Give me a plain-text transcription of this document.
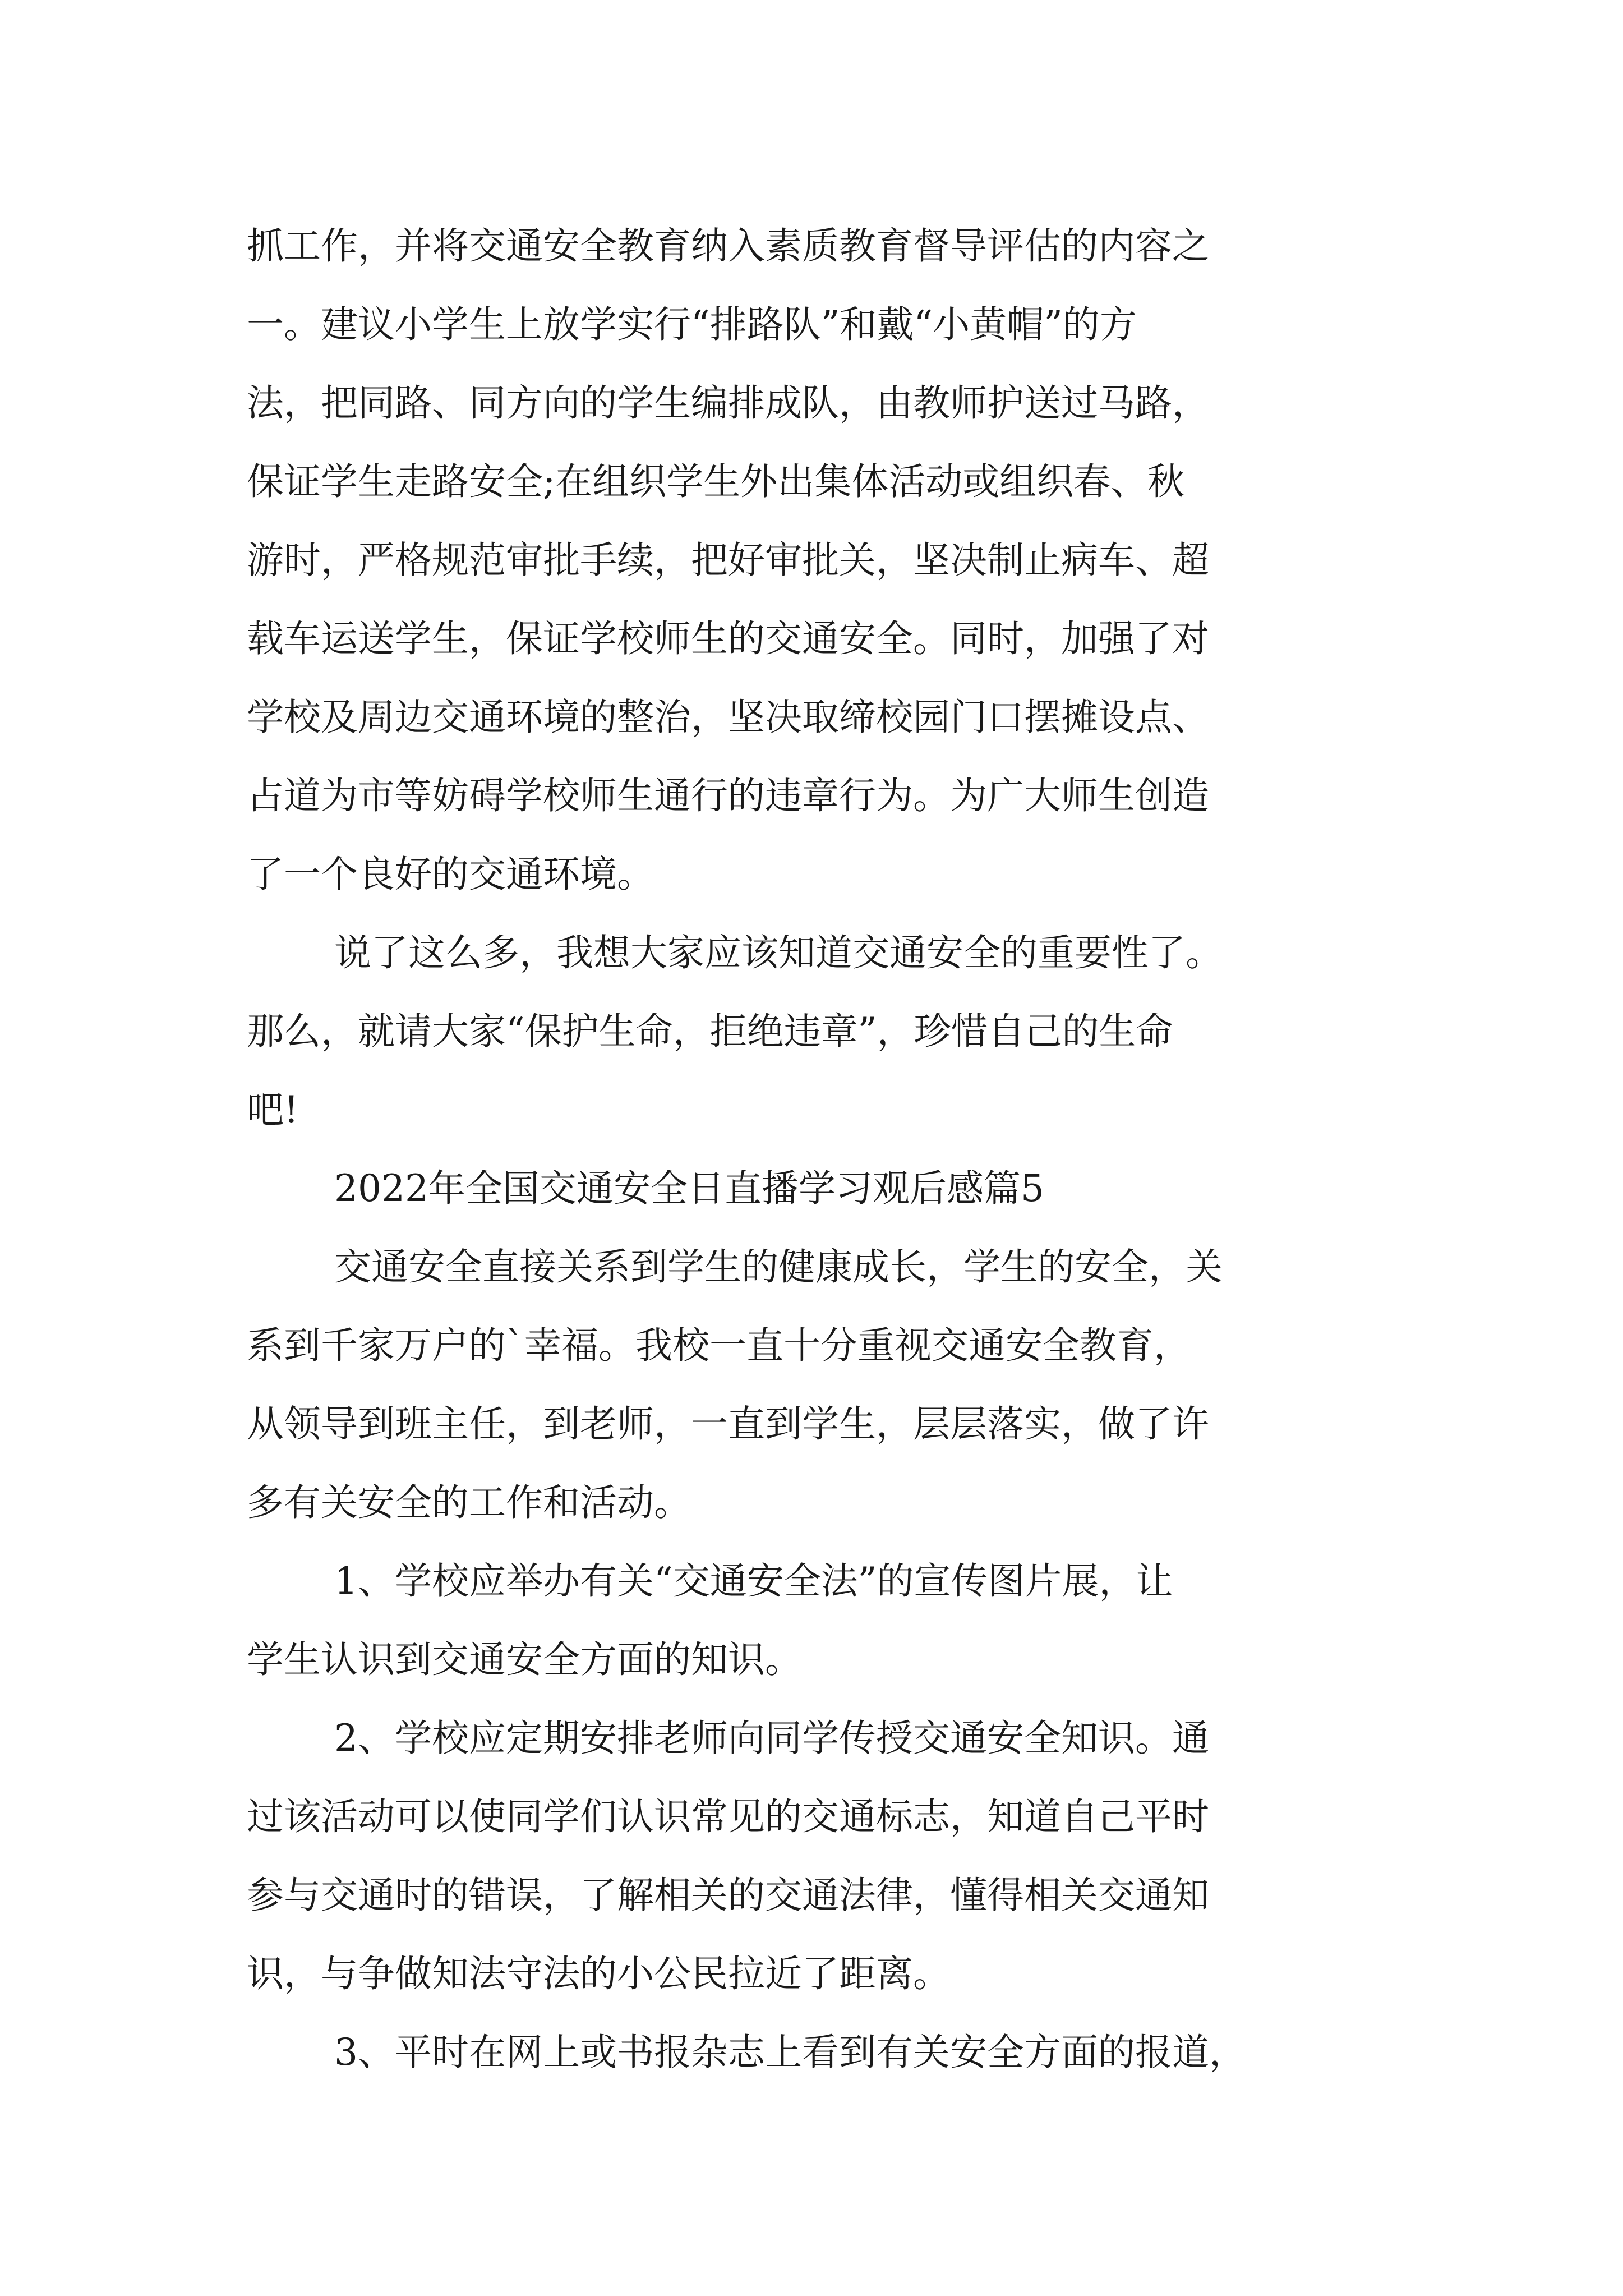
抓工作，并将交通安全教育纳入素质教育督导评估的内容之
一。建议小学生上放学实行“排路队”和戴“小黄帽”的方
法，把同路、同方向的学生编排成队，由教师护送过马路，
保证学生走路安全;在组织学生外出集体活动或组织春、秋
游时，严格规范审批手续，把好审批关，坚决制止病车、超
载车运送学生，保证学校师生的交通安全。同时，加强了对
学校及周边交通环境的整治，坚决取缔校园门口摆摊设点、
占道为市等妨碍学校师生通行的违章行为。为广大师生创造
了一个良好的交通环境。
说了这么多，我想大家应该知道交通安全的重要性了。
那么，就请大家“保护生命，拒绝违章”，珍惜自己的生命
吧!
2022年全国交通安全日直播学习观后感篇5
交通安全直接关系到学生的健康成长，学生的安全，关
系到千家万户的`幸福。我校一直十分重视交通安全教育，
从领导到班主任，到老师，一直到学生，层层落实，做了许
多有关安全的工作和活动。
1、学校应举办有关“交通安全法”的宣传图片展，让
学生认识到交通安全方面的知识。
2、学校应定期安排老师向同学传授交通安全知识。通
过该活动可以使同学们认识常见的交通标志，知道自己平时
参与交通时的错误，了解相关的交通法律，懂得相关交通知
识，与争做知法守法的小公民拉近了距离。
3、平时在网上或书报杂志上看到有关安全方面的报道，
